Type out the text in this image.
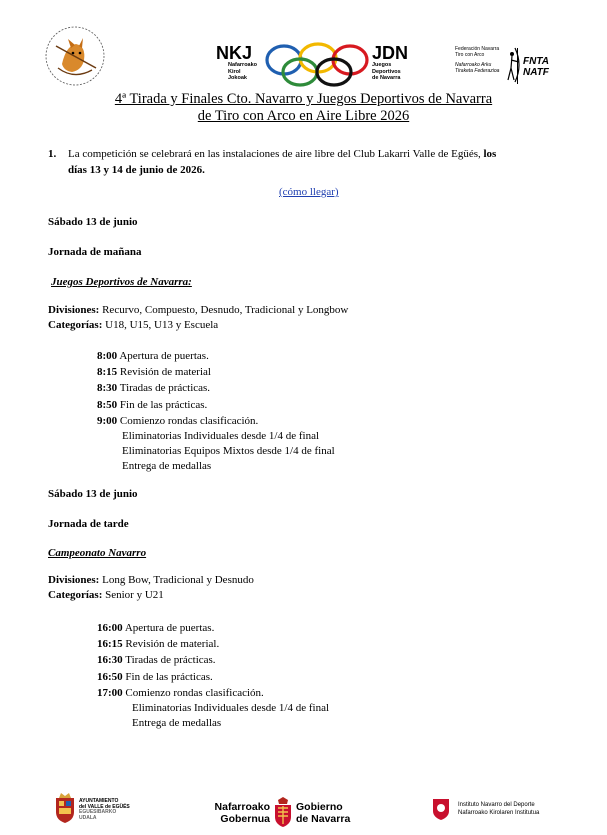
NKJ
Nafarroako
Kirol
Jokoak
JDN
Juegos
Deportivos
de Navarra
Federación Navarra
Tiro con Arco
Nafarroako Arku
Tiraketa Federazioa
FNTA
NATF
4ª Tirada y Finales Cto. Navarro y Juegos Deportivos de Navarra
de Tiro con Arco en Aire Libre 2026
1. La competición se celebrará en las instalaciones de aire libre del Club Lakarri Valle de Egüés, los
días 13 y 14 de junio de 2026.
(cómo llegar)
Sábado 13 de junio
Jornada de mañana
Juegos Deportivos de Navarra:
Divisiones: Recurvo, Compuesto, Desnudo, Tradicional y Longbow
Categorías: U18, U15, U13 y Escuela
8:00 Apertura de puertas.
8:15 Revisión de material
8:30 Tiradas de prácticas.
8:50 Fin de las prácticas.
9:00 Comienzo rondas clasificación.
Eliminatorias Individuales desde 1/4 de final
Eliminatorias Equipos Mixtos desde 1/4 de final
Entrega de medallas
Sábado 13 de junio
Jornada de tarde
Campeonato Navarro
Divisiones: Long Bow, Tradicional y Desnudo
Categorías: Senior y U21
16:00 Apertura de puertas.
16:15 Revisión de material.
16:30 Tiradas de prácticas.
16:50 Fin de las prácticas.
17:00 Comienzo rondas clasificación.
Eliminatorias Individuales desde 1/4 de final
Entrega de medallas
AYUNTAMIENTO
del VALLE de EGÜÉS
EGUESIBARKO
UDALA
Nafarroako
Gobernua
Gobierno
de Navarra
Instituto Navarro del Deporte
Nafarroako Kirolaren Institutua
